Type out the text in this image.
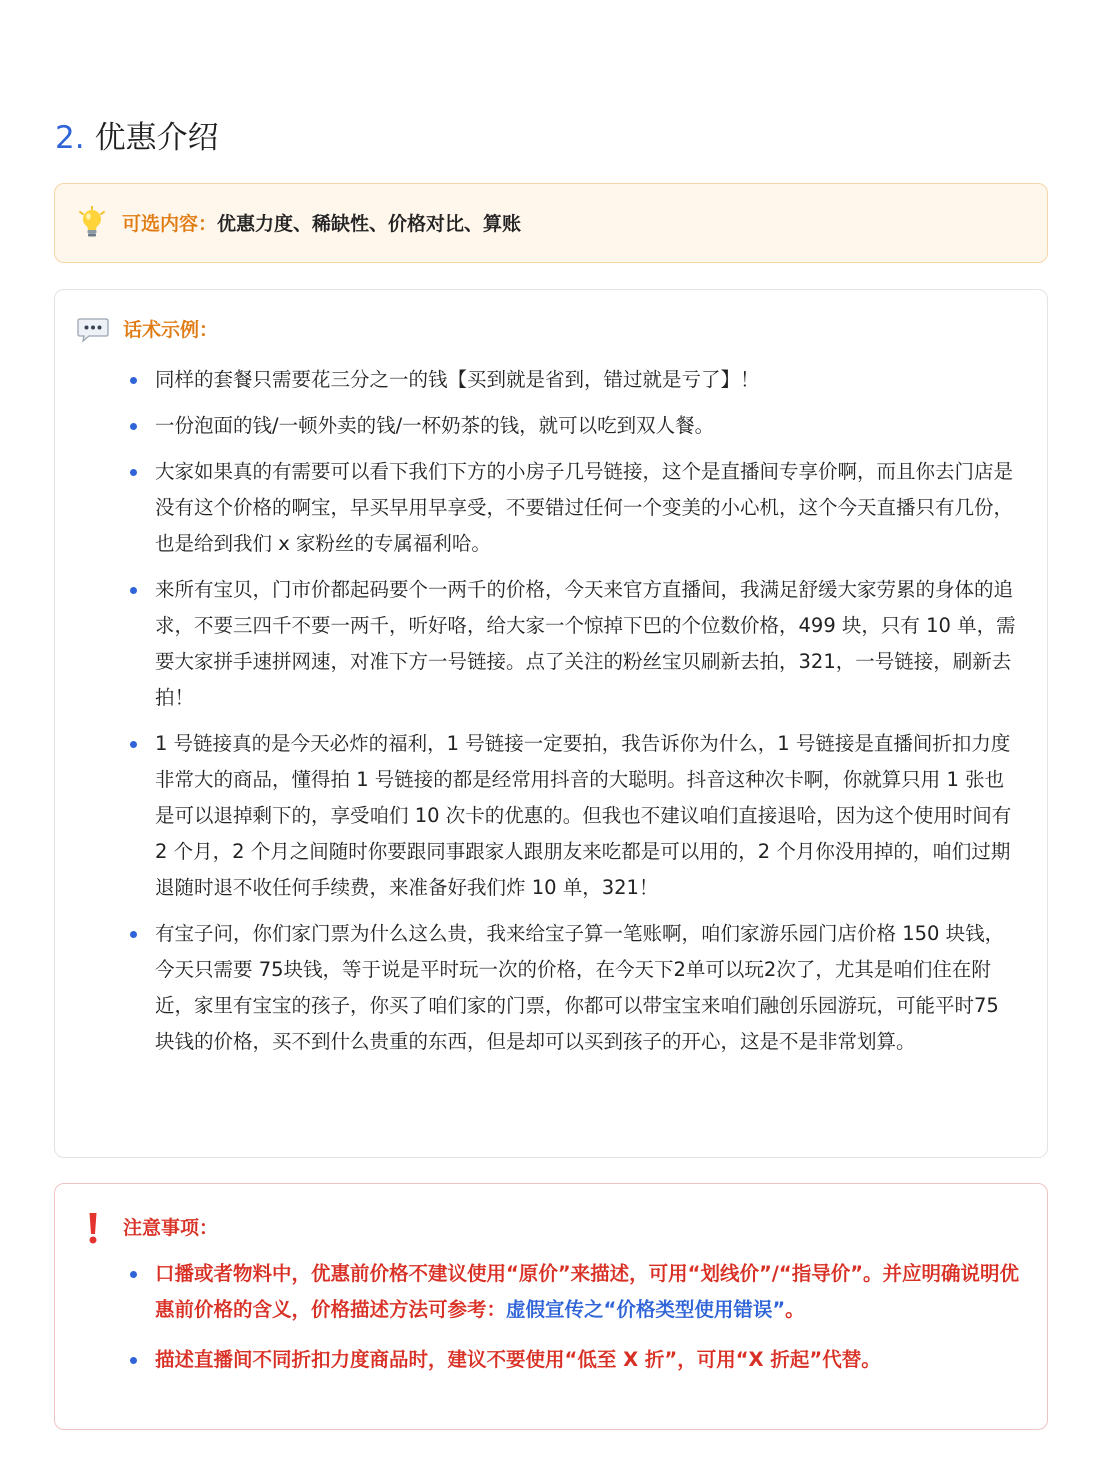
2. 优惠介绍
可选内容：优惠力度、稀缺性、价格对比、算账
话术示例：
同样的套餐只需要花三分之一的钱【买到就是省到，错过就是亏了】！
一份泡面的钱/一顿外卖的钱/一杯奶茶的钱，就可以吃到双人餐。
大家如果真的有需要可以看下我们下方的小房子几号链接，这个是直播间专享价啊，而且你去门店是没有这个价格的啊宝，早买早用早享受，不要错过任何一个变美的小心机，这个今天直播只有几份，也是给到我们 x 家粉丝的专属福利哈。
来所有宝贝，门市价都起码要个一两千的价格，今天来官方直播间，我满足舒缓大家劳累的身体的追求，不要三四千不要一两千，听好咯，给大家一个惊掉下巴的个位数价格，499 块，只有 10 单，需要大家拼手速拼网速，对准下方一号链接。点了关注的粉丝宝贝刷新去拍，321，一号链接，刷新去拍！
1 号链接真的是今天必炸的福利，1 号链接一定要拍，我告诉你为什么，1 号链接是直播间折扣力度非常大的商品，懂得拍 1 号链接的都是经常用抖音的大聪明。抖音这种次卡啊，你就算只用 1 张也是可以退掉剩下的，享受咱们 10 次卡的优惠的。但我也不建议咱们直接退哈，因为这个使用时间有 2 个月，2 个月之间随时你要跟同事跟家人跟朋友来吃都是可以用的，2 个月你没用掉的，咱们过期退随时退不收任何手续费，来准备好我们炸 10 单，321！
有宝子问，你们家门票为什么这么贵，我来给宝子算一笔账啊，咱们家游乐园门店价格 150 块钱，今天只需要 75块钱，等于说是平时玩一次的价格，在今天下2单可以玩2次了，尤其是咱们住在附近，家里有宝宝的孩子，你买了咱们家的门票，你都可以带宝宝来咱们融创乐园游玩，可能平时75 块钱的价格，买不到什么贵重的东西，但是却可以买到孩子的开心，这是不是非常划算。
注意事项：
口播或者物料中，优惠前价格不建议使用“原价”来描述，可用“划线价”/“指导价”。并应明确说明优惠前价格的含义，价格描述方法可参考：虚假宣传之“价格类型使用错误”。
描述直播间不同折扣力度商品时，建议不要使用“低至 X 折”，可用“X 折起”代替。
